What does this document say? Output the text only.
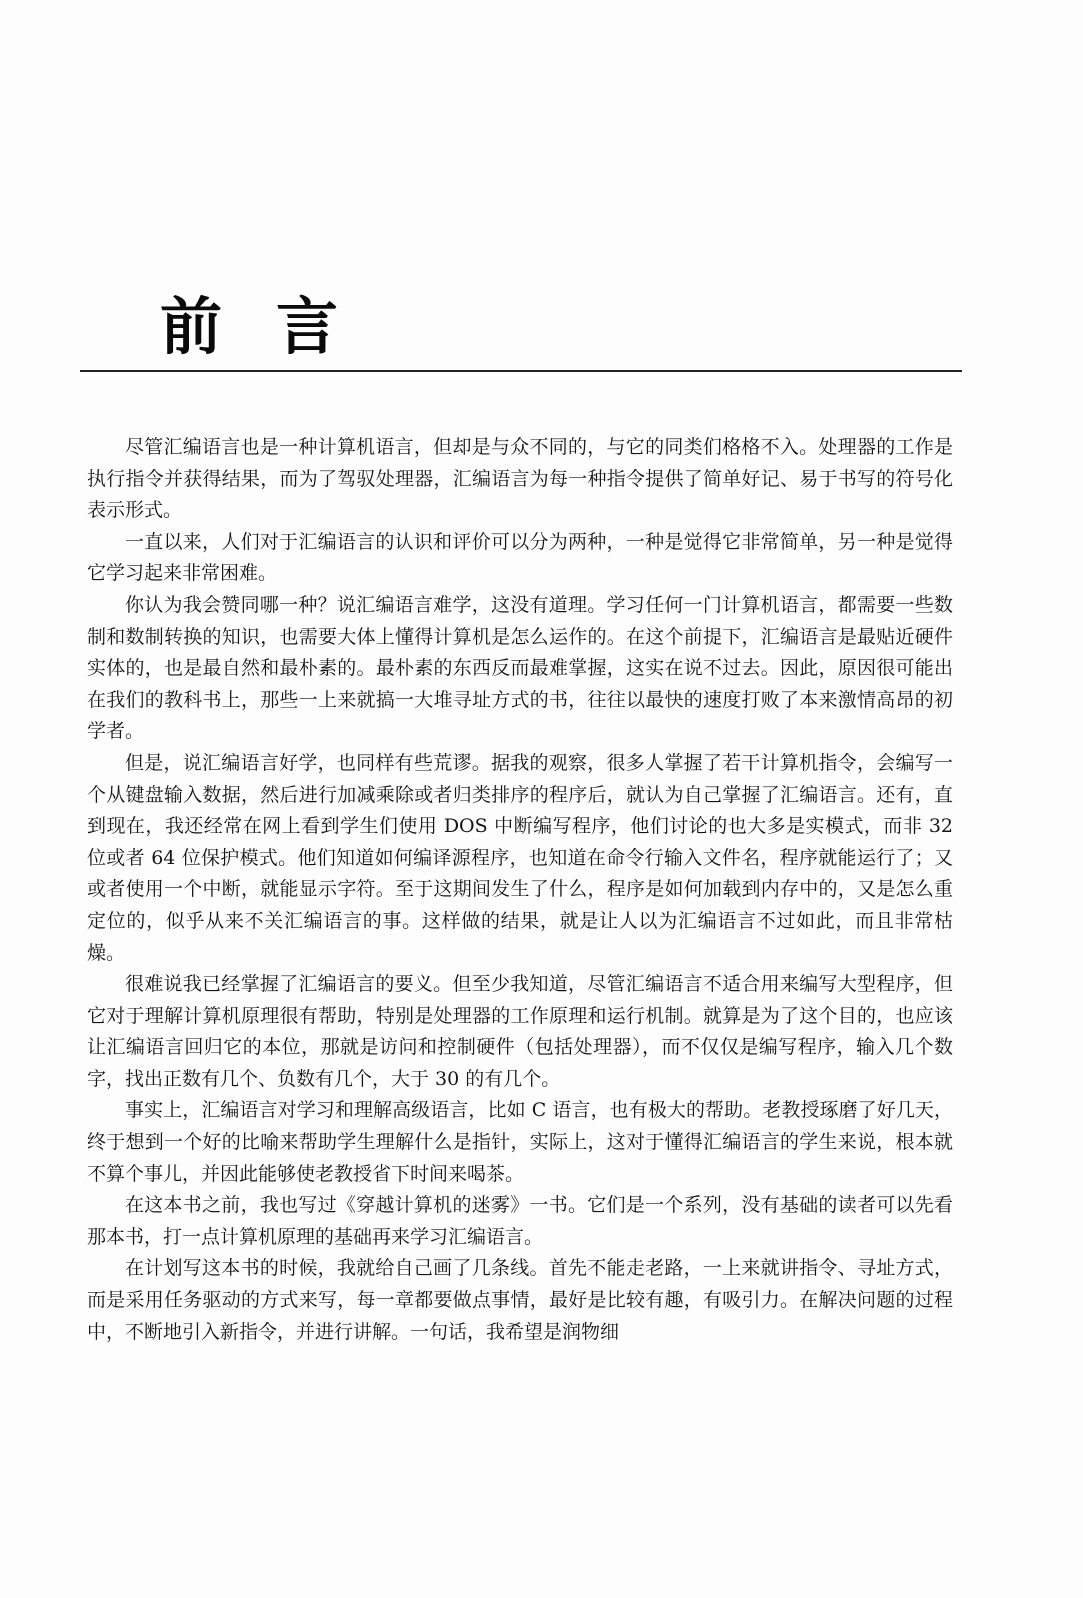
前言

尽管汇编语言也是一种计算机语言，但却是与众不同的，与它的同类们格格不入。处理器的工作是执行指令并获得结果，而为了驾驭处理器，汇编语言为每一种指令提供了简单好记、易于书写的符号化表示形式。

一直以来，人们对于汇编语言的认识和评价可以分为两种，一种是觉得它非常简单，另一种是觉得它学习起来非常困难。

你认为我会赞同哪一种？说汇编语言难学，这没有道理。学习任何一门计算机语言，都需要一些数制和数制转换的知识，也需要大体上懂得计算机是怎么运作的。在这个前提下，汇编语言是最贴近硬件实体的，也是最自然和最朴素的。最朴素的东西反而最难掌握，这实在说不过去。因此，原因很可能出在我们的教科书上，那些一上来就搞一大堆寻址方式的书，往往以最快的速度打败了本来激情高昂的初学者。

但是，说汇编语言好学，也同样有些荒谬。据我的观察，很多人掌握了若干计算机指令，会编写一个从键盘输入数据，然后进行加减乘除或者归类排序的程序后，就认为自己掌握了汇编语言。还有，直到现在，我还经常在网上看到学生们使用 DOS 中断编写程序，他们讨论的也大多是实模式，而非 32 位或者 64 位保护模式。他们知道如何编译源程序，也知道在命令行输入文件名，程序就能运行了；又或者使用一个中断，就能显示字符。至于这期间发生了什么，程序是如何加载到内存中的，又是怎么重定位的，似乎从来不关汇编语言的事。这样做的结果，就是让人以为汇编语言不过如此，而且非常枯燥。

很难说我已经掌握了汇编语言的要义。但至少我知道，尽管汇编语言不适合用来编写大型程序，但它对于理解计算机原理很有帮助，特别是处理器的工作原理和运行机制。就算是为了这个目的，也应该让汇编语言回归它的本位，那就是访问和控制硬件（包括处理器），而不仅仅是编写程序，输入几个数字，找出正数有几个、负数有几个，大于 30 的有几个。

事实上，汇编语言对学习和理解高级语言，比如 C 语言，也有极大的帮助。老教授琢磨了好几天，终于想到一个好的比喻来帮助学生理解什么是指针，实际上，这对于懂得汇编语言的学生来说，根本就不算个事儿，并因此能够使老教授省下时间来喝茶。

在这本书之前，我也写过《穿越计算机的迷雾》一书。它们是一个系列，没有基础的读者可以先看那本书，打一点计算机原理的基础再来学习汇编语言。

在计划写这本书的时候，我就给自己画了几条线。首先不能走老路，一上来就讲指令、寻址方式，而是采用任务驱动的方式来写，每一章都要做点事情，最好是比较有趣，有吸引力。在解决问题的过程中，不断地引入新指令，并进行讲解。一句话，我希望是润物细
